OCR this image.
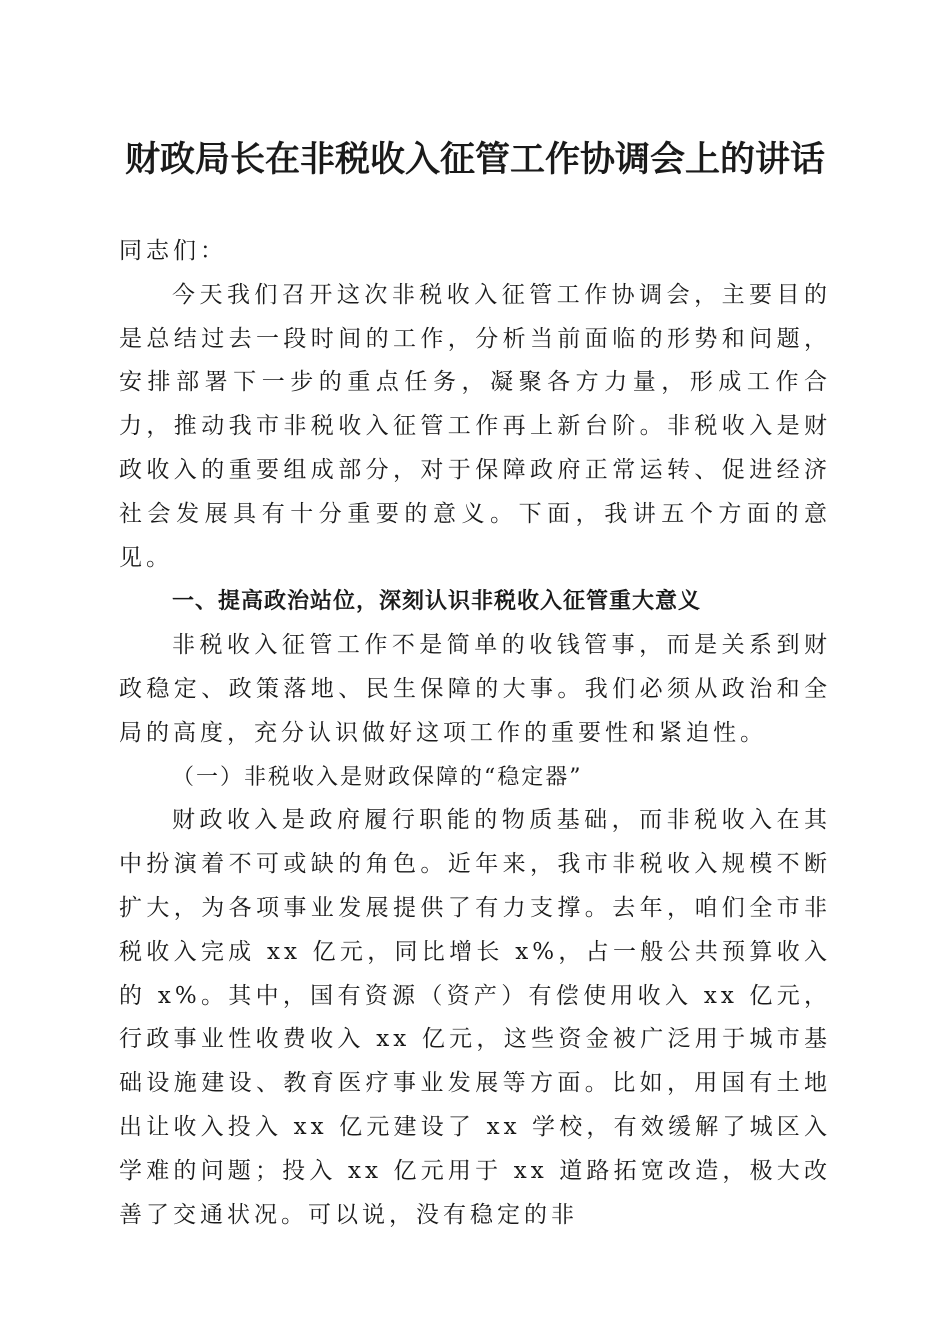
财政局长在非税收入征管工作协调会上的讲话

同志们：

今天我们召开这次非税收入征管工作协调会，主要目的是总结过去一段时间的工作，分析当前面临的形势和问题，安排部署下一步的重点任务，凝聚各方力量，形成工作合力，推动我市非税收入征管工作再上新台阶。非税收入是财政收入的重要组成部分，对于保障政府正常运转、促进经济社会发展具有十分重要的意义。下面，我讲五个方面的意见。

一、提高政治站位，深刻认识非税收入征管重大意义

非税收入征管工作不是简单的收钱管事，而是关系到财政稳定、政策落地、民生保障的大事。我们必须从政治和全局的高度，充分认识做好这项工作的重要性和紧迫性。

（一）非税收入是财政保障的“稳定器”

财政收入是政府履行职能的物质基础，而非税收入在其中扮演着不可或缺的角色。近年来，我市非税收入规模不断扩大，为各项事业发展提供了有力支撑。去年，咱们全市非税收入完成 xx 亿元，同比增长 x%，占一般公共预算收入的 x%。其中，国有资源（资产）有偿使用收入 xx 亿元，行政事业性收费收入 xx 亿元，这些资金被广泛用于城市基础设施建设、教育医疗事业发展等方面。比如，用国有土地出让收入投入 xx 亿元建设了 xx 学校，有效缓解了城区入学难的问题；投入 xx 亿元用于 xx 道路拓宽改造，极大改善了交通状况。可以说，没有稳定的非
